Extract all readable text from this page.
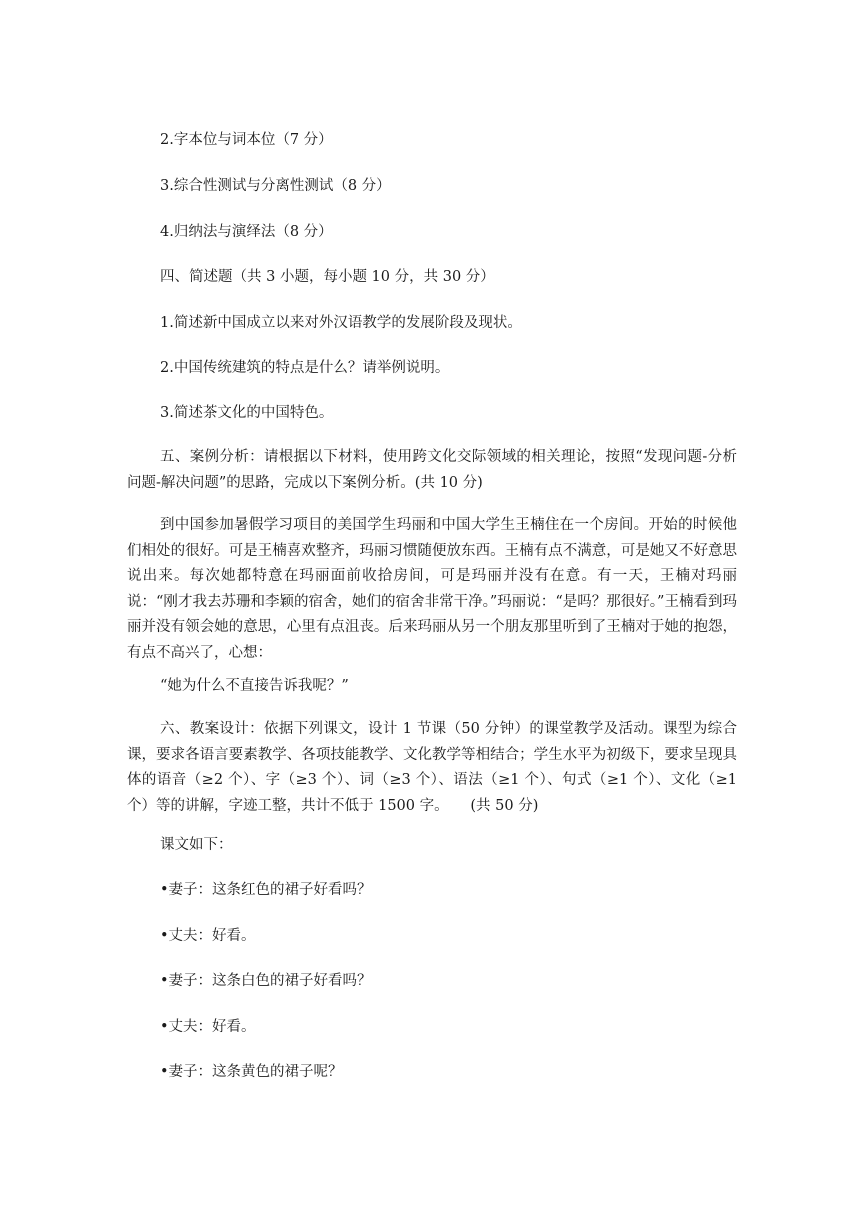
2.字本位与词本位（7 分）
3.综合性测试与分离性测试（8 分）
4.归纳法与演绎法（8 分）
四、简述题（共 3 小题，每小题 10 分，共 30 分）
1.简述新中国成立以来对外汉语教学的发展阶段及现状。
2.中国传统建筑的特点是什么？请举例说明。
3.简述茶文化的中国特色。
五、案例分析：请根据以下材料，使用跨文化交际领域的相关理论，按照“发现问题-分析问题-解决问题”的思路，完成以下案例分析。(共 10 分)
到中国参加暑假学习项目的美国学生玛丽和中国大学生王楠住在一个房间。开始的时候他们相处的很好。可是王楠喜欢整齐，玛丽习惯随便放东西。王楠有点不满意，可是她又不好意思说出来。每次她都特意在玛丽面前收拾房间，可是玛丽并没有在意。有一天，王楠对玛丽说：“刚才我去苏珊和李颖的宿舍，她们的宿舍非常干净。”玛丽说：“是吗？那很好。”王楠看到玛丽并没有领会她的意思，心里有点沮丧。后来玛丽从另一个朋友那里听到了王楠对于她的抱怨，有点不高兴了，心想：
“她为什么不直接告诉我呢？”
六、教案设计：依据下列课文，设计 1 节课（50 分钟）的课堂教学及活动。课型为综合课，要求各语言要素教学、各项技能教学、文化教学等相结合；学生水平为初级下，要求呈现具体的语音（≥2 个）、字（≥3 个）、词（≥3 个）、语法（≥1 个）、句式（≥1 个）、文化（≥1 个）等的讲解，字迹工整，共计不低于 1500 字。　　(共 50 分)
课文如下：
•妻子：这条红色的裙子好看吗？
•丈夫：好看。
•妻子：这条白色的裙子好看吗？
•丈夫：好看。
•妻子：这条黄色的裙子呢？
